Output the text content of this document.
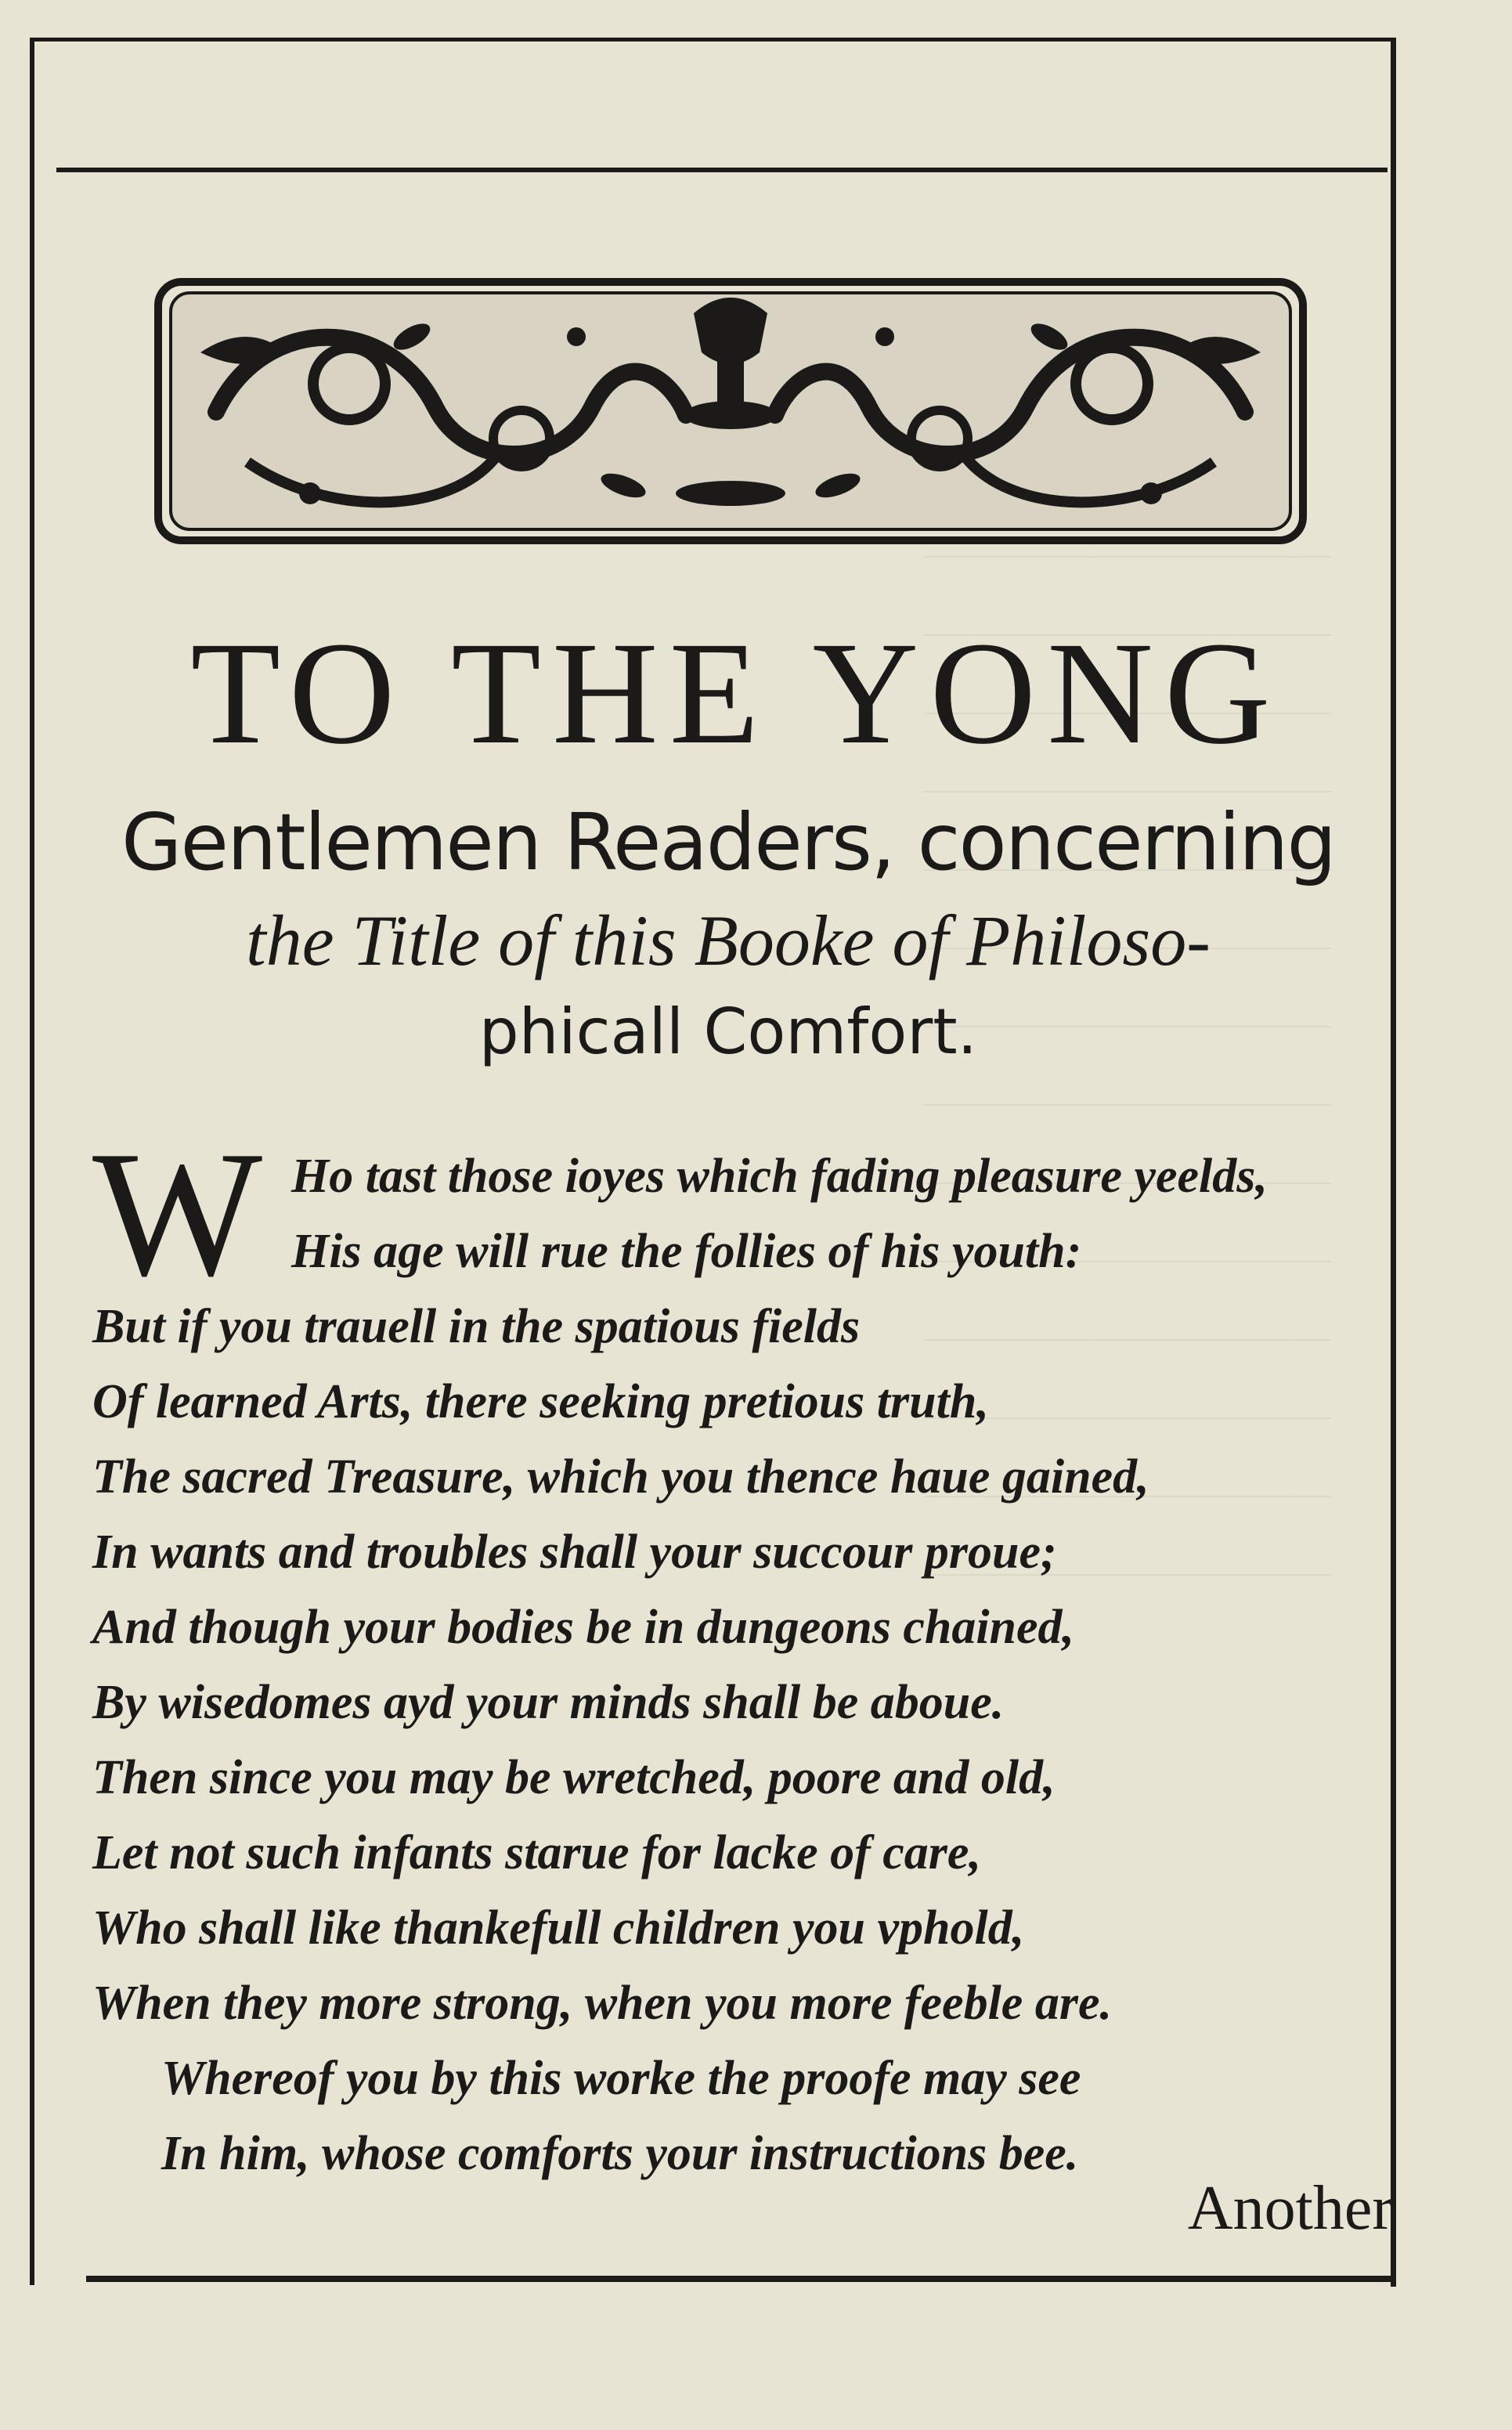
TO THE YONG
Gentlemen Readers, concerning
the Title of this Booke of Philoso-
phicall Comfort.
W Ho tast those ioyes which fading pleasure yeelds,

His age will rue the follies of his youth:

But if you trauell in the spatious fields

Of learned Arts, there seeking pretious truth,

The sacred Treasure, which you thence haue gained,

In wants and troubles shall your succour proue;

And though your bodies be in dungeons chained,

By wisedomes ayd your minds shall be aboue.

Then since you may be wretched, poore and old,

Let not such infants starue for lacke of care,

Who shall like thankefull children you vphold,

When they more strong, when you more feeble are.

Whereof you by this worke the proofe may see

In him, whose comforts your instructions bee.

Another
